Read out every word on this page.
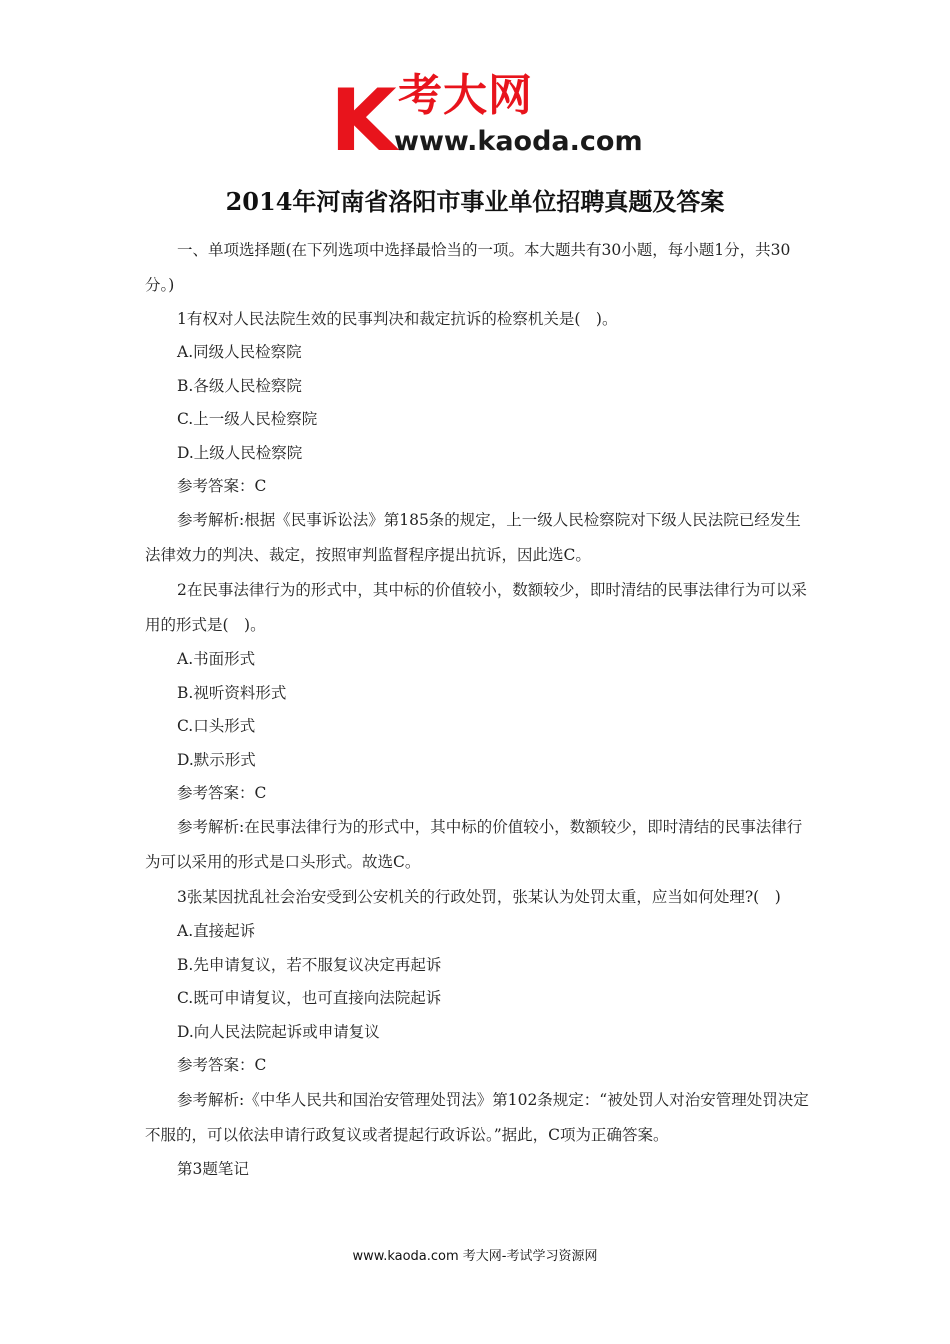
K 考大网
www.kaoda.com
2014年河南省洛阳市事业单位招聘真题及答案

一、单项选择题(在下列选项中选择最恰当的一项。本大题共有30小题，每小题1分，共30分。)

1有权对人民法院生效的民事判决和裁定抗诉的检察机关是(　)。

A.同级人民检察院

B.各级人民检察院

C.上一级人民检察院

D.上级人民检察院

参考答案：C

参考解析:根据《民事诉讼法》第185条的规定，上一级人民检察院对下级人民法院已经发生法律效力的判决、裁定，按照审判监督程序提出抗诉，因此选C。

2在民事法律行为的形式中，其中标的价值较小，数额较少，即时清结的民事法律行为可以采用的形式是(　)。

A.书面形式

B.视听资料形式

C.口头形式

D.默示形式

参考答案：C

参考解析:在民事法律行为的形式中，其中标的价值较小，数额较少，即时清结的民事法律行为可以采用的形式是口头形式。故选C。

3张某因扰乱社会治安受到公安机关的行政处罚，张某认为处罚太重，应当如何处理?(　)

A.直接起诉

B.先申请复议，若不服复议决定再起诉

C.既可申请复议，也可直接向法院起诉

D.向人民法院起诉或申请复议

参考答案：C

参考解析:《中华人民共和国治安管理处罚法》第102条规定：“被处罚人对治安管理处罚决定不服的，可以依法申请行政复议或者提起行政诉讼。”据此，C项为正确答案。

第3题笔记

www.kaoda.com 考大网-考试学习资源网
